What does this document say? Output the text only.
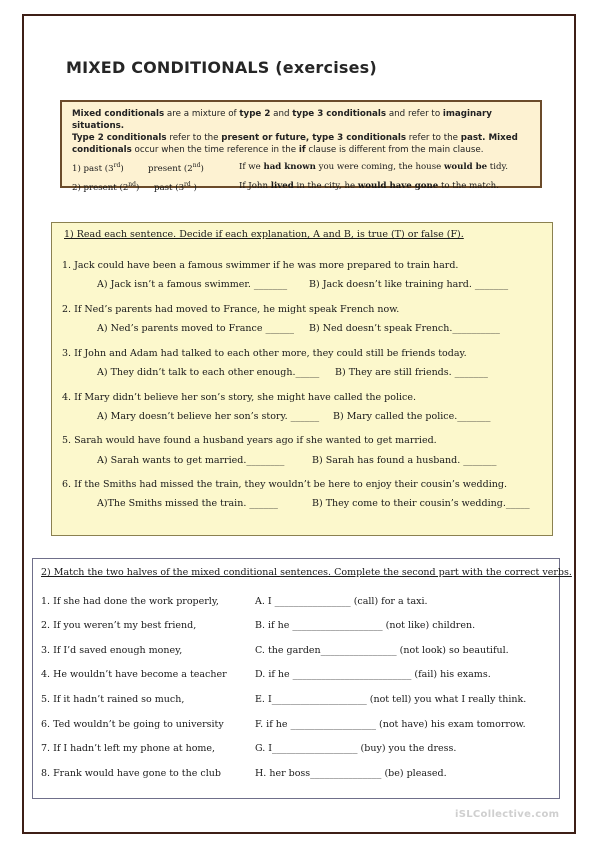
MIXED CONDITIONALS (exercises)

Mixed conditionals are a mixture of type 2 and type 3 conditionals and refer to imaginary situations.

Type 2 conditionals refer to the present or future, type 3 conditionals refer to the past. Mixed

conditionals occur when the time reference in the if clause is different from the main clause.

1) past (3rd)	present (2nd)	If we had known you were coming, the house would be tidy.
2) present (2nd) past (3rd )	If John lived in the city, he would have gone to the match.
1) Read each sentence. Decide if each explanation, A and B, is true (T) or false (F).
1. Jack could have been a famous swimmer if he was more prepared to train hard.
A) Jack isn’t a famous swimmer. _______ B) Jack doesn’t like training hard. _______
2. If Ned’s parents had moved to France, he might speak French now.
A) Ned’s parents moved to France ______ B) Ned doesn’t speak French.__________
3. If John and Adam had talked to each other more, they could still be friends today.
A) They didn’t talk to each other enough._____ B) They are still friends. _______
4. If Mary didn’t believe her son’s story, she might have called the police.
A) Mary doesn’t believe her son’s story. ______ B) Mary called the police._______
5. Sarah would have found a husband years ago if she wanted to get married.
A) Sarah wants to get married.________	B) Sarah has found a husband. _______
6. If the Smiths had missed the train, they wouldn’t be here to enjoy their cousin’s wedding.
A)The Smiths missed the train. ______	B) They come to their cousin’s wedding._____
2) Match the two halves of the mixed conditional sentences. Complete the second part with the correct verbs.
1. If she had done the work properly,	A. I ________________ (call) for a taxi.
2. If you weren’t my best friend,	B. if he ___________________ (not like) children.
3. If I’d saved enough money,	C. the garden________________ (not look) so beautiful.
4. He wouldn’t have become a teacher	D. if he _________________________ (fail) his exams.
5. If it hadn’t rained so much,	E. I____________________ (not tell) you what I really think.
6. Ted wouldn’t be going to university	F. if he __________________ (not have) his exam tomorrow.
7. If I hadn’t left my phone at home,	G. I__________________ (buy) you the dress.
8. Frank would have gone to the club	H. her boss_______________ (be) pleased.
iSLCollective.com
